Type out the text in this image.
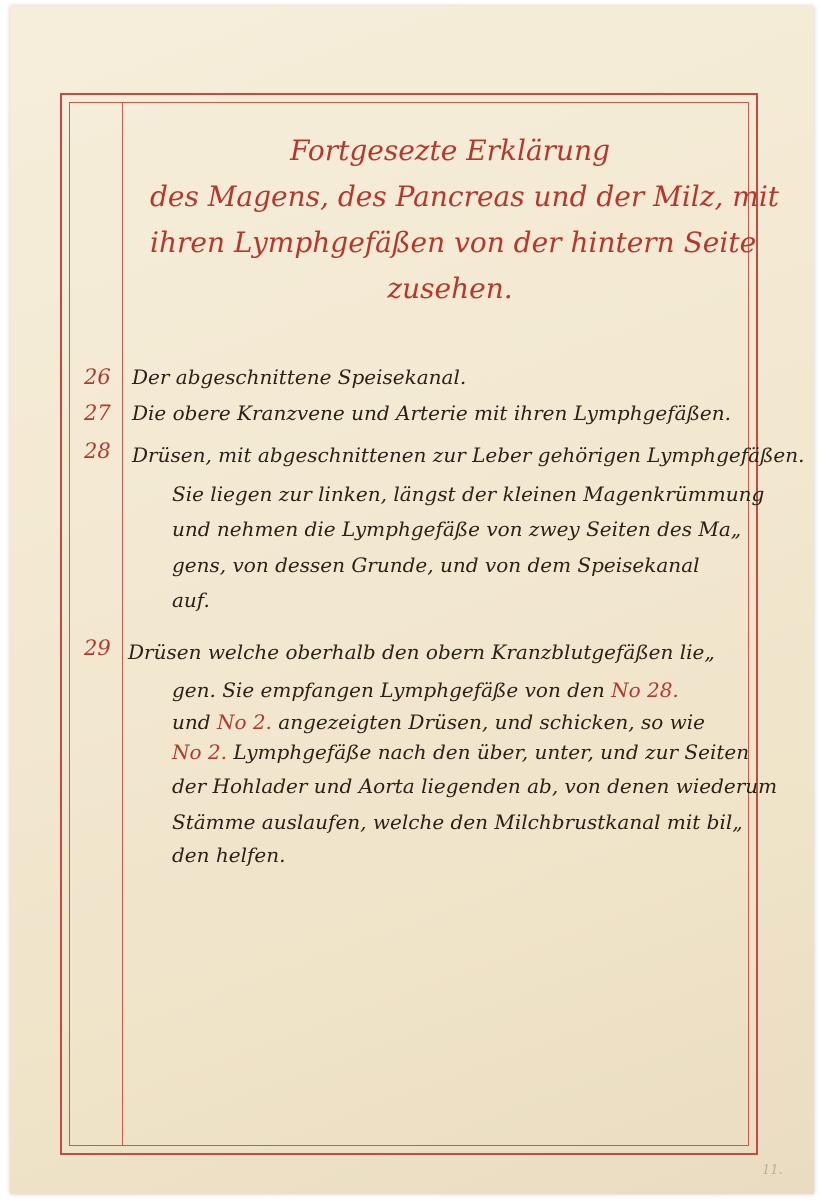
Fortgesezte Erklärung
des Magens, des Pancreas und der Milz, mit
ihren Lymphgefäßen von der hintern Seite
zusehen.
26 Der abgeschnittene Speisekanal.
27 Die obere Kranzvene und Arterie mit ihren Lymphgefäßen.
28 Drüsen, mit abgeschnittenen zur Leber gehörigen Lymphgefäßen.
Sie liegen zur linken, längst der kleinen Magenkrümmung
und nehmen die Lymphgefäße von zwey Seiten des Ma„
gens, von dessen Grunde, und von dem Speisekanal
auf.
29 Drüsen welche oberhalb den obern Kranzblutgefäßen lie„
gen. Sie empfangen Lymphgefäße von den No 28.
und No 2. angezeigten Drüsen, und schicken, so wie
No 2. Lymphgefäße nach den über, unter, und zur Seiten
der Hohlader und Aorta liegenden ab, von denen wiederum
Stämme auslaufen, welche den Milchbrustkanal mit bil„
den helfen.
11.
